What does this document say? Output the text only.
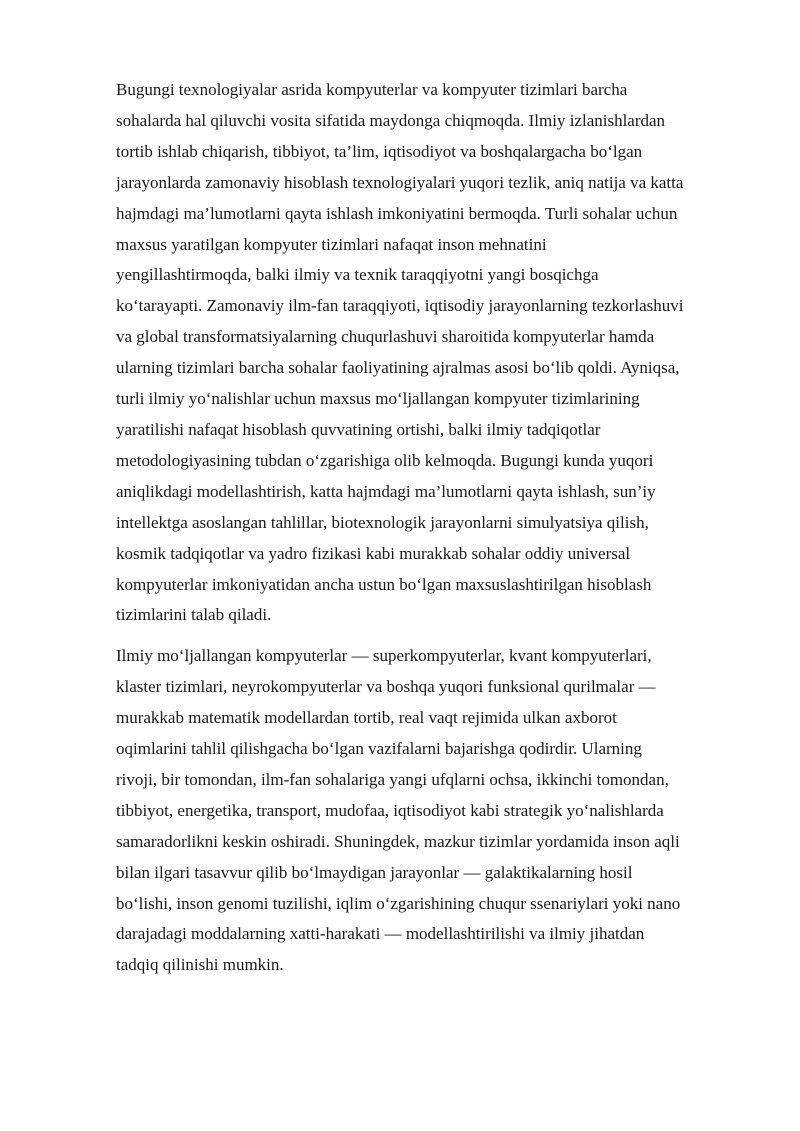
Bugungi texnologiyalar asrida kompyuterlar va kompyuter tizimlari barcha
sohalarda hal qiluvchi vosita sifatida maydonga chiqmoqda. Ilmiy izlanishlardan
tortib ishlab chiqarish, tibbiyot, ta’lim, iqtisodiyot va boshqalargacha bo‘lgan
jarayonlarda zamonaviy hisoblash texnologiyalari yuqori tezlik, aniq natija va katta
hajmdagi ma’lumotlarni qayta ishlash imkoniyatini bermoqda. Turli sohalar uchun
maxsus yaratilgan kompyuter tizimlari nafaqat inson mehnatini
yengillashtirmoqda, balki ilmiy va texnik taraqqiyotni yangi bosqichga
ko‘tarayapti. Zamonaviy ilm-fan taraqqiyoti, iqtisodiy jarayonlarning tezkorlashuvi
va global transformatsiyalarning chuqurlashuvi sharoitida kompyuterlar hamda
ularning tizimlari barcha sohalar faoliyatining ajralmas asosi bo‘lib qoldi. Ayniqsa,
turli ilmiy yo‘nalishlar uchun maxsus mo‘ljallangan kompyuter tizimlarining
yaratilishi nafaqat hisoblash quvvatining ortishi, balki ilmiy tadqiqotlar
metodologiyasining tubdan o‘zgarishiga olib kelmoqda. Bugungi kunda yuqori
aniqlikdagi modellashtirish, katta hajmdagi ma’lumotlarni qayta ishlash, sun’iy
intellektga asoslangan tahlillar, biotexnologik jarayonlarni simulyatsiya qilish,
kosmik tadqiqotlar va yadro fizikasi kabi murakkab sohalar oddiy universal
kompyuterlar imkoniyatidan ancha ustun bo‘lgan maxsuslashtirilgan hisoblash
tizimlarini talab qiladi.
Ilmiy mo‘ljallangan kompyuterlar — superkompyuterlar, kvant kompyuterlari,
klaster tizimlari, neyrokompyuterlar va boshqa yuqori funksional qurilmalar —
murakkab matematik modellardan tortib, real vaqt rejimida ulkan axborot
oqimlarini tahlil qilishgacha bo‘lgan vazifalarni bajarishga qodirdir. Ularning
rivoji, bir tomondan, ilm-fan sohalariga yangi ufqlarni ochsa, ikkinchi tomondan,
tibbiyot, energetika, transport, mudofaa, iqtisodiyot kabi strategik yo‘nalishlarda
samaradorlikni keskin oshiradi. Shuningdek, mazkur tizimlar yordamida inson aqli
bilan ilgari tasavvur qilib bo‘lmaydigan jarayonlar — galaktikalarning hosil
bo‘lishi, inson genomi tuzilishi, iqlim o‘zgarishining chuqur ssenariylari yoki nano
darajadagi moddalarning xatti-harakati — modellashtirilishi va ilmiy jihatdan
tadqiq qilinishi mumkin.
